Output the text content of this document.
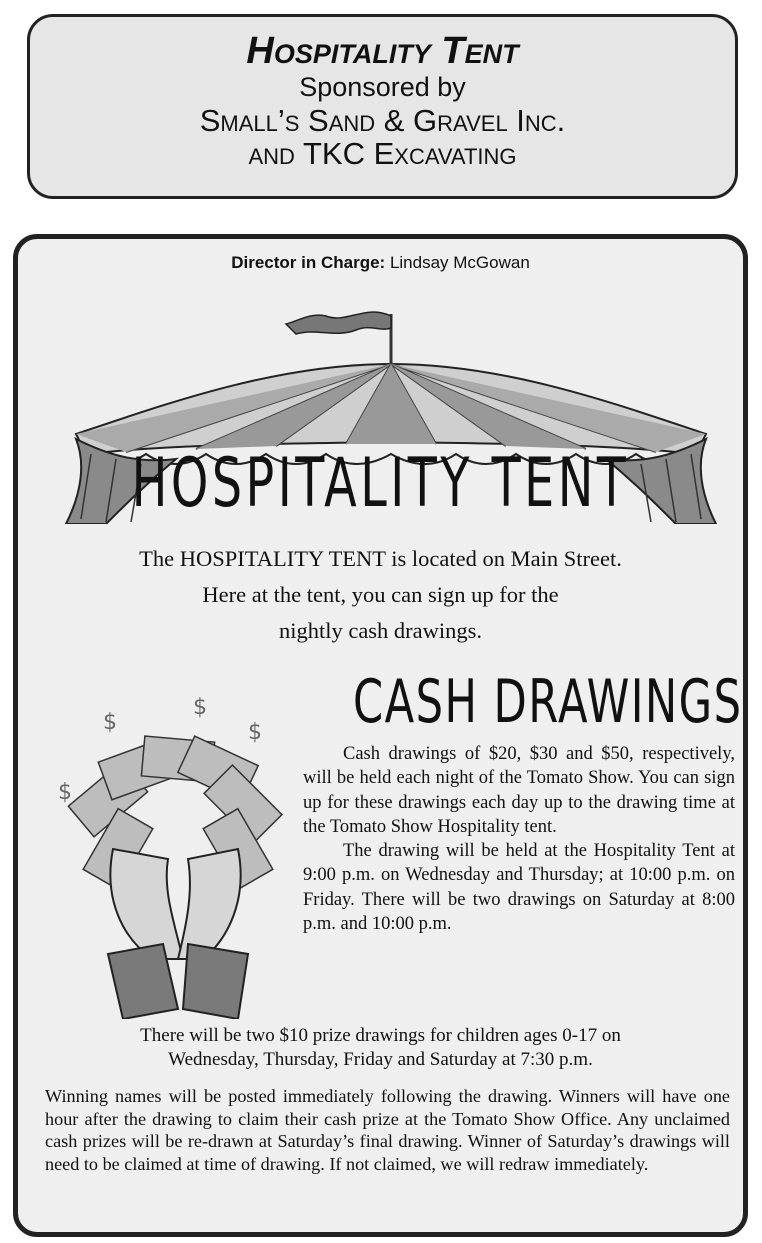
Hospitality Tent
Sponsored by
Small’s Sand & Gravel Inc.
and TKC Excavating
Director in Charge: Lindsay McGowan
HOSPITALITY TENT
The HOSPITALITY TENT is located on Main Street.
Here at the tent, you can sign up for the
nightly cash drawings.
CASH DRAWINGS
$
$
$
$

Cash drawings of $20, $30 and $50, respectively, will be held each night of the Tomato Show. You can sign up for these drawings each day up to the drawing time at the Tomato Show Hospitality tent.

The drawing will be held at the Hospitality Tent at 9:00 p.m. on Wednesday and Thursday; at 10:00 p.m. on Friday. There will be two drawings on Saturday at 8:00 p.m. and 10:00 p.m.

There will be two $10 prize drawings for children ages 0-17 on
Wednesday, Thursday, Friday and Saturday at 7:30 p.m.
Winning names will be posted immediately following the drawing. Winners will have one hour after the drawing to claim their cash prize at the Tomato Show Office. Any unclaimed cash prizes will be re-drawn at Saturday’s final drawing. Winner of Saturday’s drawings will need to be claimed at time of drawing. If not claimed, we will redraw immediately.
